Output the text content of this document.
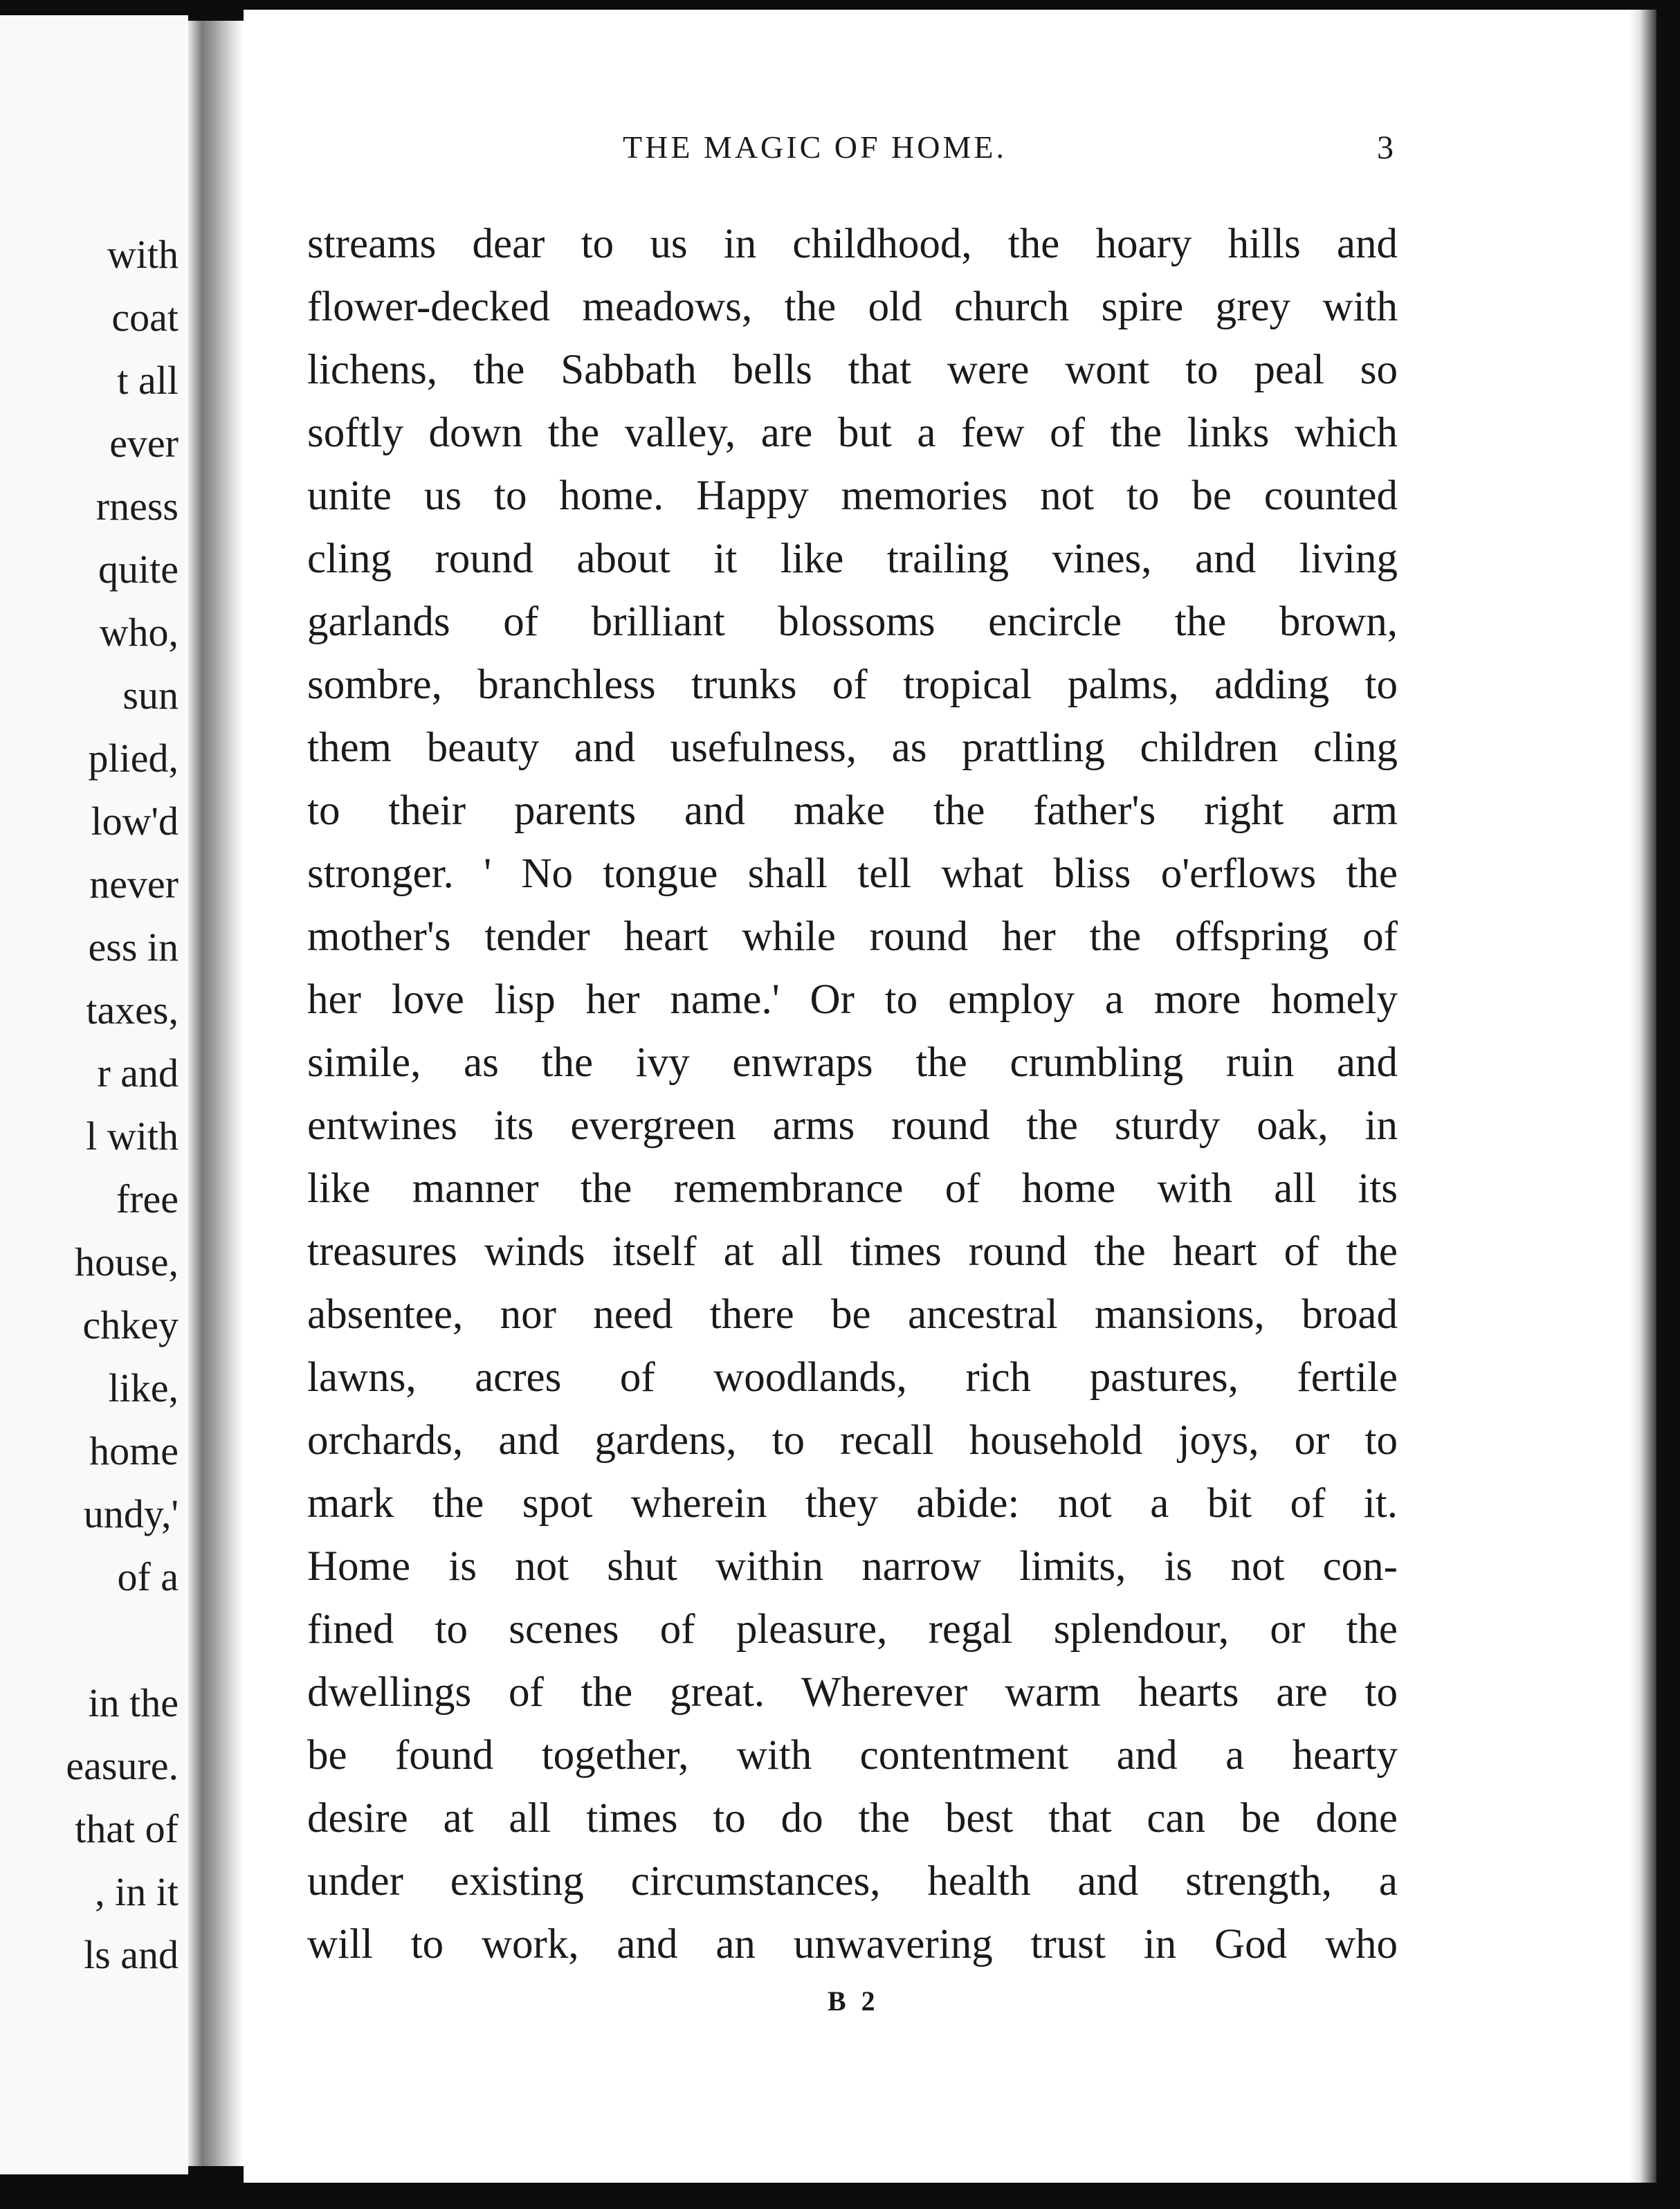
with
coat
t all
ever
rness
quite
who,
sun
plied,
low'd
never
ess in
taxes,
r and
l with
free
house,
chkey
like,
home
undy,'
of a
in the
easure.
that of
, in it
ls and
THE MAGIC OF HOME.	3
streams dear to us in childhood, the hoary hills and
flower-decked meadows, the old church spire grey with
lichens, the Sabbath bells that were wont to peal so
softly down the valley, are but a few of the links which
unite us to home. Happy memories not to be counted
cling round about it like trailing vines, and living
garlands of brilliant blossoms encircle the brown,
sombre, branchless trunks of tropical palms, adding to
them beauty and usefulness, as prattling children cling
to their parents and make the father's right arm
stronger. ' No tongue shall tell what bliss o'erflows the
mother's tender heart while round her the offspring of
her love lisp her name.' Or to employ a more homely
simile, as the ivy enwraps the crumbling ruin and
entwines its evergreen arms round the sturdy oak, in
like manner the remembrance of home with all its
treasures winds itself at all times round the heart of the
absentee, nor need there be ancestral mansions, broad
lawns, acres of woodlands, rich pastures, fertile
orchards, and gardens, to recall household joys, or to
mark the spot wherein they abide: not a bit of it.
Home is not shut within narrow limits, is not con-
fined to scenes of pleasure, regal splendour, or the
dwellings of the great. Wherever warm hearts are to
be found together, with contentment and a hearty
desire at all times to do the best that can be done
under existing circumstances, health and strength, a
will to work, and an unwavering trust in God who
B 2
